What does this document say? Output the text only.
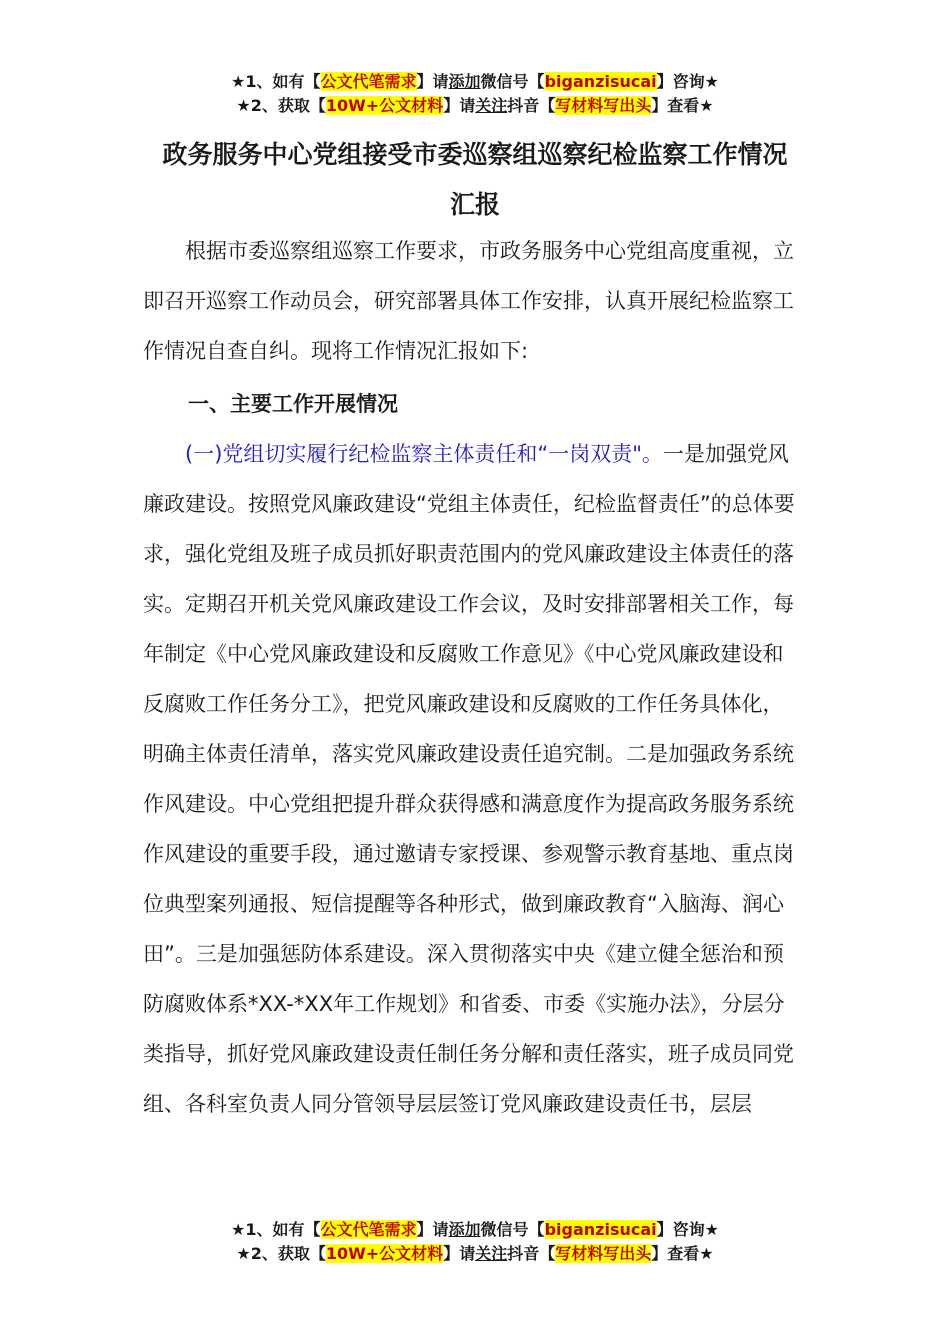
★1、如有【公文代笔需求】请添加微信号【biganzisucai】咨询★
★2、获取【10W+公文材料】请关注抖音【写材料写出头】查看★
政务服务中心党组接受市委巡察组巡察纪检监察工作情况
汇报

根据市委巡察组巡察工作要求，市政务服务中心党组高度重视，立即召开巡察工作动员会，研究部署具体工作安排，认真开展纪检监察工作情况自查自纠。现将工作情况汇报如下:

一、主要工作开展情况

(一)党组切实履行纪检监察主体责任和“一岗双责"。一是加强党风廉政建设。按照党风廉政建设“党组主体责任，纪检监督责任”的总体要求，强化党组及班子成员抓好职责范围内的党风廉政建设主体责任的落实。定期召开机关党风廉政建设工作会议，及时安排部署相关工作，每年制定《中心党风廉政建设和反腐败工作意见》《中心党风廉政建设和反腐败工作任务分工》，把党风廉政建设和反腐败的工作任务具体化，明确主体责任清单，落实党风廉政建设责任追究制。二是加强政务系统作风建设。中心党组把提升群众获得感和满意度作为提高政务服务系统作风建设的重要手段，通过邀请专家授课、参观警示教育基地、重点岗位典型案列通报、短信提醒等各种形式，做到廉政教育“入脑海、润心田”。三是加强惩防体系建设。深入贯彻落实中央《建立健全惩治和预防腐败体系*XX-*XX年工作规划》和省委、市委《实施办法》，分层分类指导，抓好党风廉政建设责任制任务分解和责任落实，班子成员同党组、各科室负责人同分管领导层层签订党风廉政建设责任书，层层

★1、如有【公文代笔需求】请添加微信号【biganzisucai】咨询★
★2、获取【10W+公文材料】请关注抖音【写材料写出头】查看★
